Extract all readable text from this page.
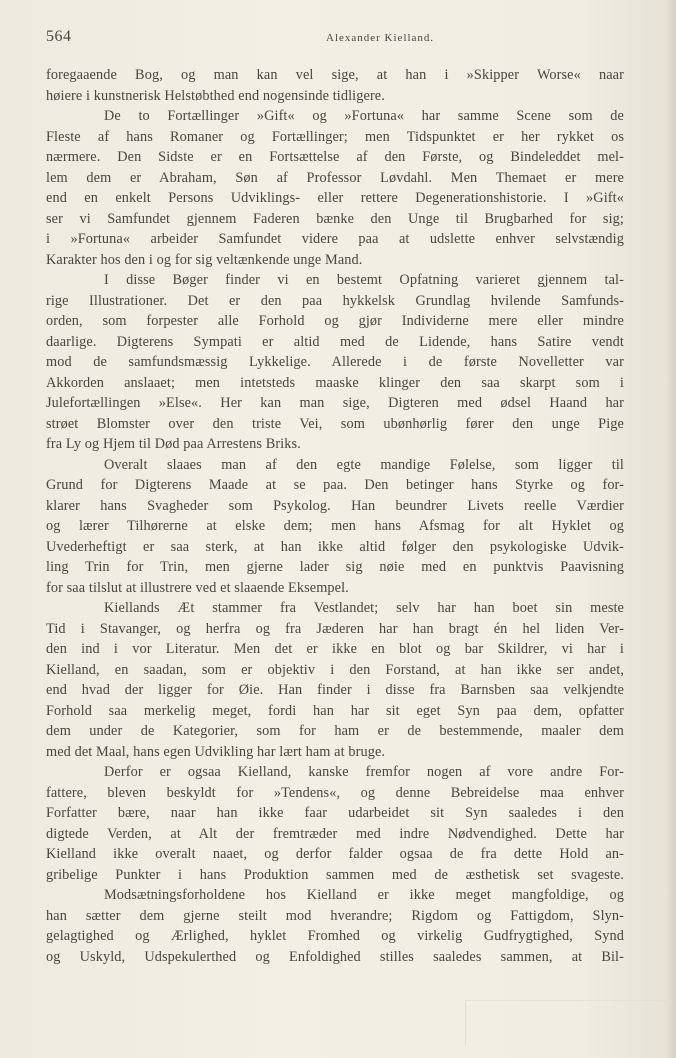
564	Alexander Kielland.
foregaaende Bog, og man kan vel sige, at han i »Skipper Worse« naar
høiere i kunstnerisk Helstøbthed end nogensinde tidligere.
De to Fortællinger »Gift« og »Fortuna« har samme Scene som de
Fleste af hans Romaner og Fortællinger; men Tidspunktet er her rykket os
nærmere. Den Sidste er en Fortsættelse af den Første, og Bindeleddet mel-
lem dem er Abraham, Søn af Professor Løvdahl. Men Themaet er mere
end en enkelt Persons Udviklings- eller rettere Degenerationshistorie. I »Gift«
ser vi Samfundet gjennem Faderen bænke den Unge til Brugbarhed for sig;
i »Fortuna« arbeider Samfundet videre paa at udslette enhver selvstændig
Karakter hos den i og for sig veltænkende unge Mand.
I disse Bøger finder vi en bestemt Opfatning varieret gjennem tal-
rige Illustrationer. Det er den paa hykkelsk Grundlag hvilende Samfunds-
orden, som forpester alle Forhold og gjør Individerne mere eller mindre
daarlige. Digterens Sympati er altid med de Lidende, hans Satire vendt
mod de samfundsmæssig Lykkelige. Allerede i de første Novelletter var
Akkorden anslaaet; men intetsteds maaske klinger den saa skarpt som i
Julefortællingen »Else«. Her kan man sige, Digteren med ødsel Haand har
strøet Blomster over den triste Vei, som ubønhørlig fører den unge Pige
fra Ly og Hjem til Død paa Arrestens Briks.
Overalt slaaes man af den egte mandige Følelse, som ligger til
Grund for Digterens Maade at se paa. Den betinger hans Styrke og for-
klarer hans Svagheder som Psykolog. Han beundrer Livets reelle Værdier
og lærer Tilhørerne at elske dem; men hans Afsmag for alt Hyklet og
Uvederheftigt er saa sterk, at han ikke altid følger den psykologiske Udvik-
ling Trin for Trin, men gjerne lader sig nøie med en punktvis Paavisning
for saa tilslut at illustrere ved et slaaende Eksempel.
Kiellands Æt stammer fra Vestlandet; selv har han boet sin meste
Tid i Stavanger, og herfra og fra Jæderen har han bragt én hel liden Ver-
den ind i vor Literatur. Men det er ikke en blot og bar Skildrer, vi har i
Kielland, en saadan, som er objektiv i den Forstand, at han ikke ser andet,
end hvad der ligger for Øie. Han finder i disse fra Barnsben saa velkjendte
Forhold saa merkelig meget, fordi han har sit eget Syn paa dem, opfatter
dem under de Kategorier, som for ham er de bestemmende, maaler dem
med det Maal, hans egen Udvikling har lært ham at bruge.
Derfor er ogsaa Kielland, kanske fremfor nogen af vore andre For-
fattere, bleven beskyldt for »Tendens«, og denne Bebreidelse maa enhver
Forfatter bære, naar han ikke faar udarbeidet sit Syn saaledes i den
digtede Verden, at Alt der fremtræder med indre Nødvendighed. Dette har
Kielland ikke overalt naaet, og derfor falder ogsaa de fra dette Hold an-
gribelige Punkter i hans Produktion sammen med de æsthetisk set svageste.
Modsætningsforholdene hos Kielland er ikke meget mangfoldige, og
han sætter dem gjerne steilt mod hverandre; Rigdom og Fattigdom, Slyn-
gelagtighed og Ærlighed, hyklet Fromhed og virkelig Gudfrygtighed, Synd
og Uskyld, Udspekulerthed og Enfoldighed stilles saaledes sammen, at Bil-
